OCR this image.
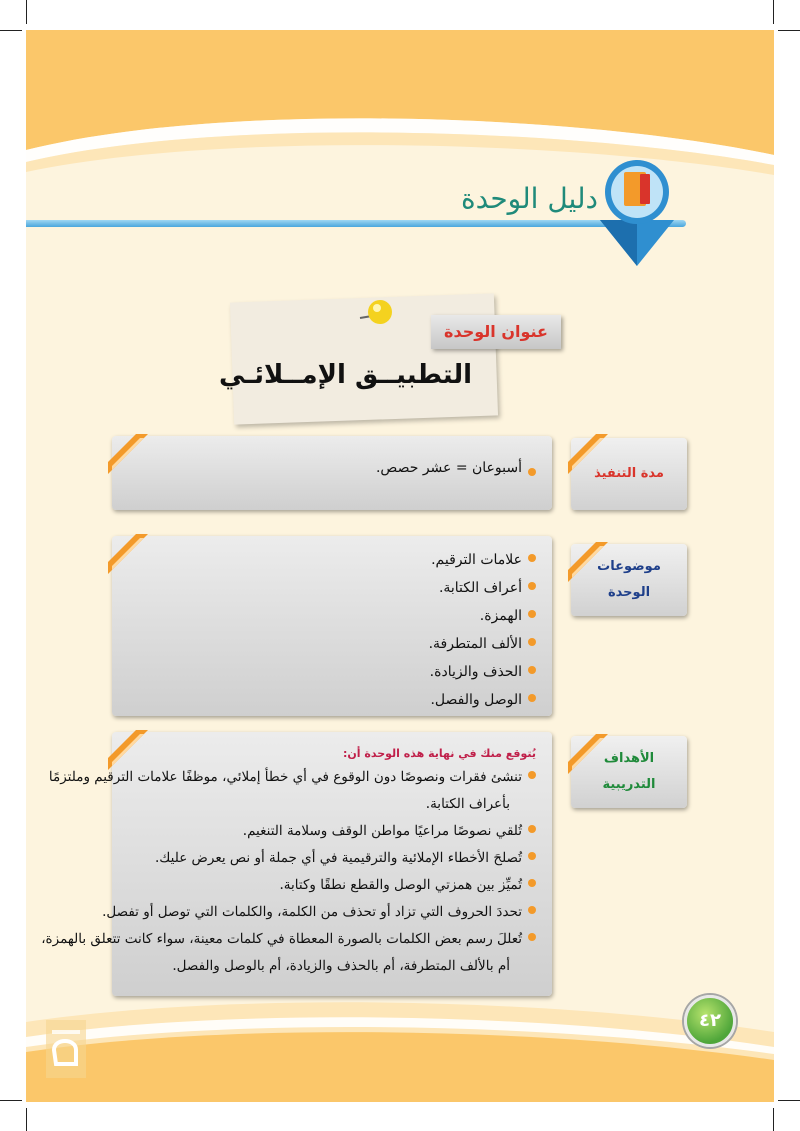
دليل الوحدة
عنوان الوحدة
التطبيــق الإمــلائـي
أسبوعان = عشر حصص.	مدة التنفيذ
علامات الترقيم.
أعراف الكتابة.
الهمزة.
الألف المتطرفة.
الحذف والزيادة.
الوصل والفصل.
موضوعات
الوحدة
يُتوقع منك في نهاية هذه الوحدة أن:
تنشئ فقرات ونصوصًا دون الوقوع في أي خطأ إملائي، موظفًا علامات الترقيم وملتزمًا
بأعراف الكتابة.
تُلقي نصوصًا مراعيًا مواطن الوقف وسلامة التنغيم.
تُصلحَ الأخطاء الإملائية والترقيمية في أي جملة أو نص يعرض عليك.
تُميِّز بين همزتي الوصل والقطع نطقًا وكتابة.
تحددَ الحروف التي تزاد أو تحذف من الكلمة، والكلمات التي توصل أو تفصل.
تُعللَ رسم بعض الكلمات بالصورة المعطاة في كلمات معينة، سواء كانت تتعلق بالهمزة،
أم بالألف المتطرفة، أم بالحذف والزيادة، أم بالوصل والفصل.
الأهداف
التدريبية
٤٢
